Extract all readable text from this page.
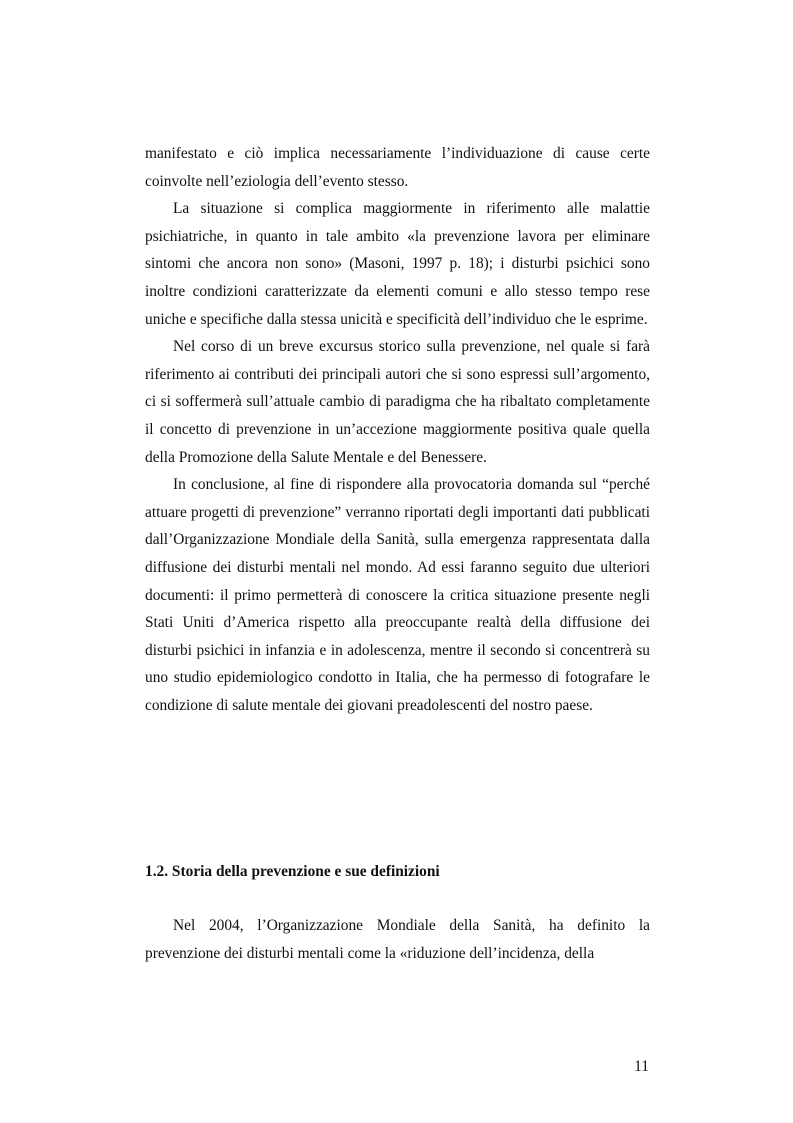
manifestato e ciò implica necessariamente l’individuazione di cause certe coinvolte nell’eziologia dell’evento stesso.

La situazione si complica maggiormente in riferimento alle malattie psichiatriche, in quanto in tale ambito «la prevenzione lavora per eliminare sintomi che ancora non sono» (Masoni, 1997 p. 18); i disturbi psichici sono inoltre condizioni caratterizzate da elementi comuni e allo stesso tempo rese uniche e specifiche dalla stessa unicità e specificità dell’individuo che le esprime.

Nel corso di un breve excursus storico sulla prevenzione, nel quale si farà riferimento ai contributi dei principali autori che si sono espressi sull’argomento, ci si soffermerà sull’attuale cambio di paradigma che ha ribaltato completamente il concetto di prevenzione in un’accezione maggiormente positiva quale quella della Promozione della Salute Mentale e del Benessere.

In conclusione, al fine di rispondere alla provocatoria domanda sul “perché attuare progetti di prevenzione” verranno riportati degli importanti dati pubblicati dall’Organizzazione Mondiale della Sanità, sulla emergenza rappresentata dalla diffusione dei disturbi mentali nel mondo. Ad essi faranno seguito due ulteriori documenti: il primo permetterà di conoscere la critica situazione presente negli Stati Uniti d’America rispetto alla preoccupante realtà della diffusione dei disturbi psichici in infanzia e in adolescenza, mentre il secondo si concentrerà su uno studio epidemiologico condotto in Italia, che ha permesso di fotografare le condizione di salute mentale dei giovani preadolescenti del nostro paese.

1.2. Storia della prevenzione e sue definizioni

Nel 2004, l’Organizzazione Mondiale della Sanità, ha definito la prevenzione dei disturbi mentali come la «riduzione dell’incidenza, della

11
